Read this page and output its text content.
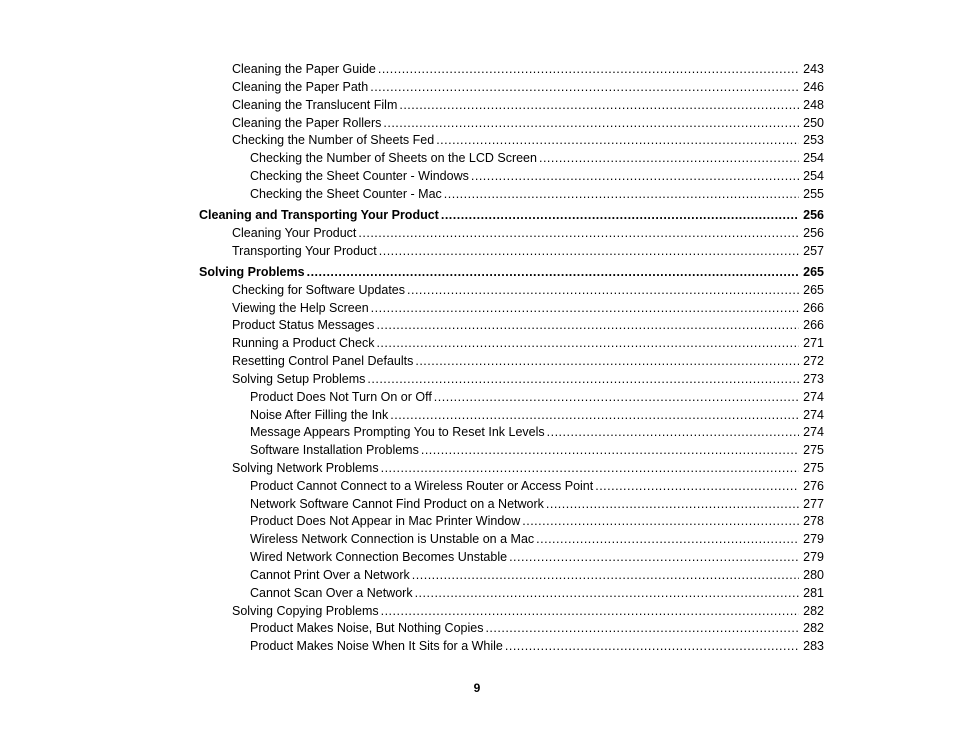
Cleaning the Paper Guide .....	243
Cleaning the Paper Path .....	246
Cleaning the Translucent Film .....	248
Cleaning the Paper Rollers .....	250
Checking the Number of Sheets Fed .....	253
Checking the Number of Sheets on the LCD Screen .....	254
Checking the Sheet Counter - Windows .....	254
Checking the Sheet Counter - Mac .....	255
Cleaning and Transporting Your Product .....	256
Cleaning Your Product .....	256
Transporting Your Product .....	257
Solving Problems .....	265
Checking for Software Updates .....	265
Viewing the Help Screen .....	266
Product Status Messages .....	266
Running a Product Check .....	271
Resetting Control Panel Defaults .....	272
Solving Setup Problems .....	273
Product Does Not Turn On or Off .....	274
Noise After Filling the Ink .....	274
Message Appears Prompting You to Reset Ink Levels .....	274
Software Installation Problems .....	275
Solving Network Problems .....	275
Product Cannot Connect to a Wireless Router or Access Point .....	276
Network Software Cannot Find Product on a Network .....	277
Product Does Not Appear in Mac Printer Window .....	278
Wireless Network Connection is Unstable on a Mac .....	279
Wired Network Connection Becomes Unstable .....	279
Cannot Print Over a Network .....	280
Cannot Scan Over a Network .....	281
Solving Copying Problems .....	282
Product Makes Noise, But Nothing Copies .....	282
Product Makes Noise When It Sits for a While .....	283
9
